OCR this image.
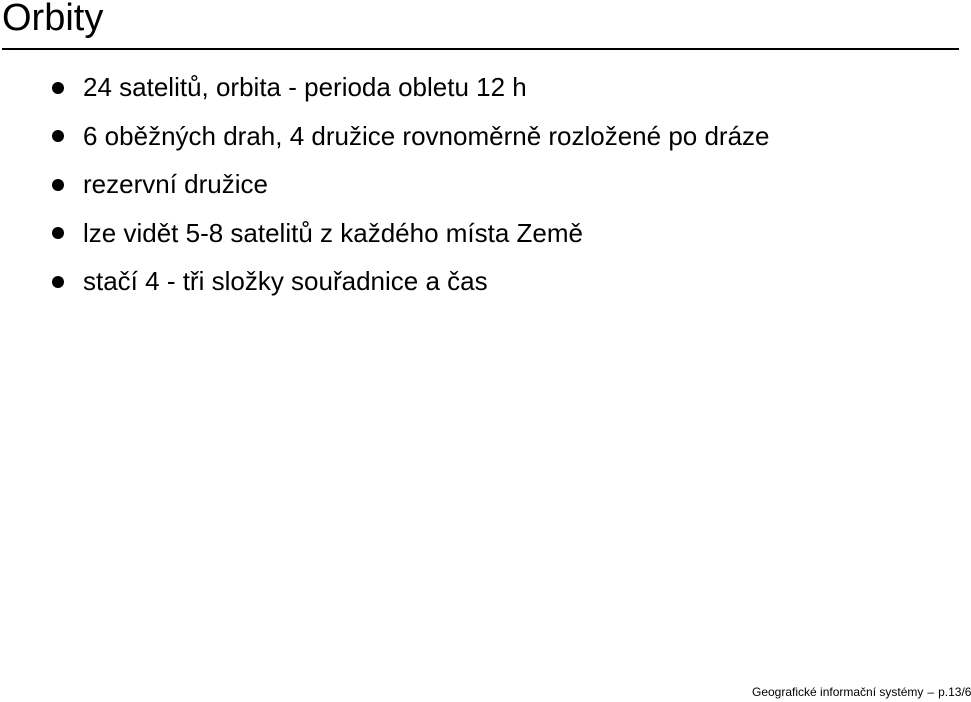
Orbity
24 satelitů, orbita - perioda obletu 12 h
6 oběžných drah, 4 družice rovnoměrně rozložené po dráze
rezervní družice
lze vidět 5-8 satelitů z každého místa Země
stačí 4 - tři složky souřadnice a čas
Geografické informační systémy – p.13/6
